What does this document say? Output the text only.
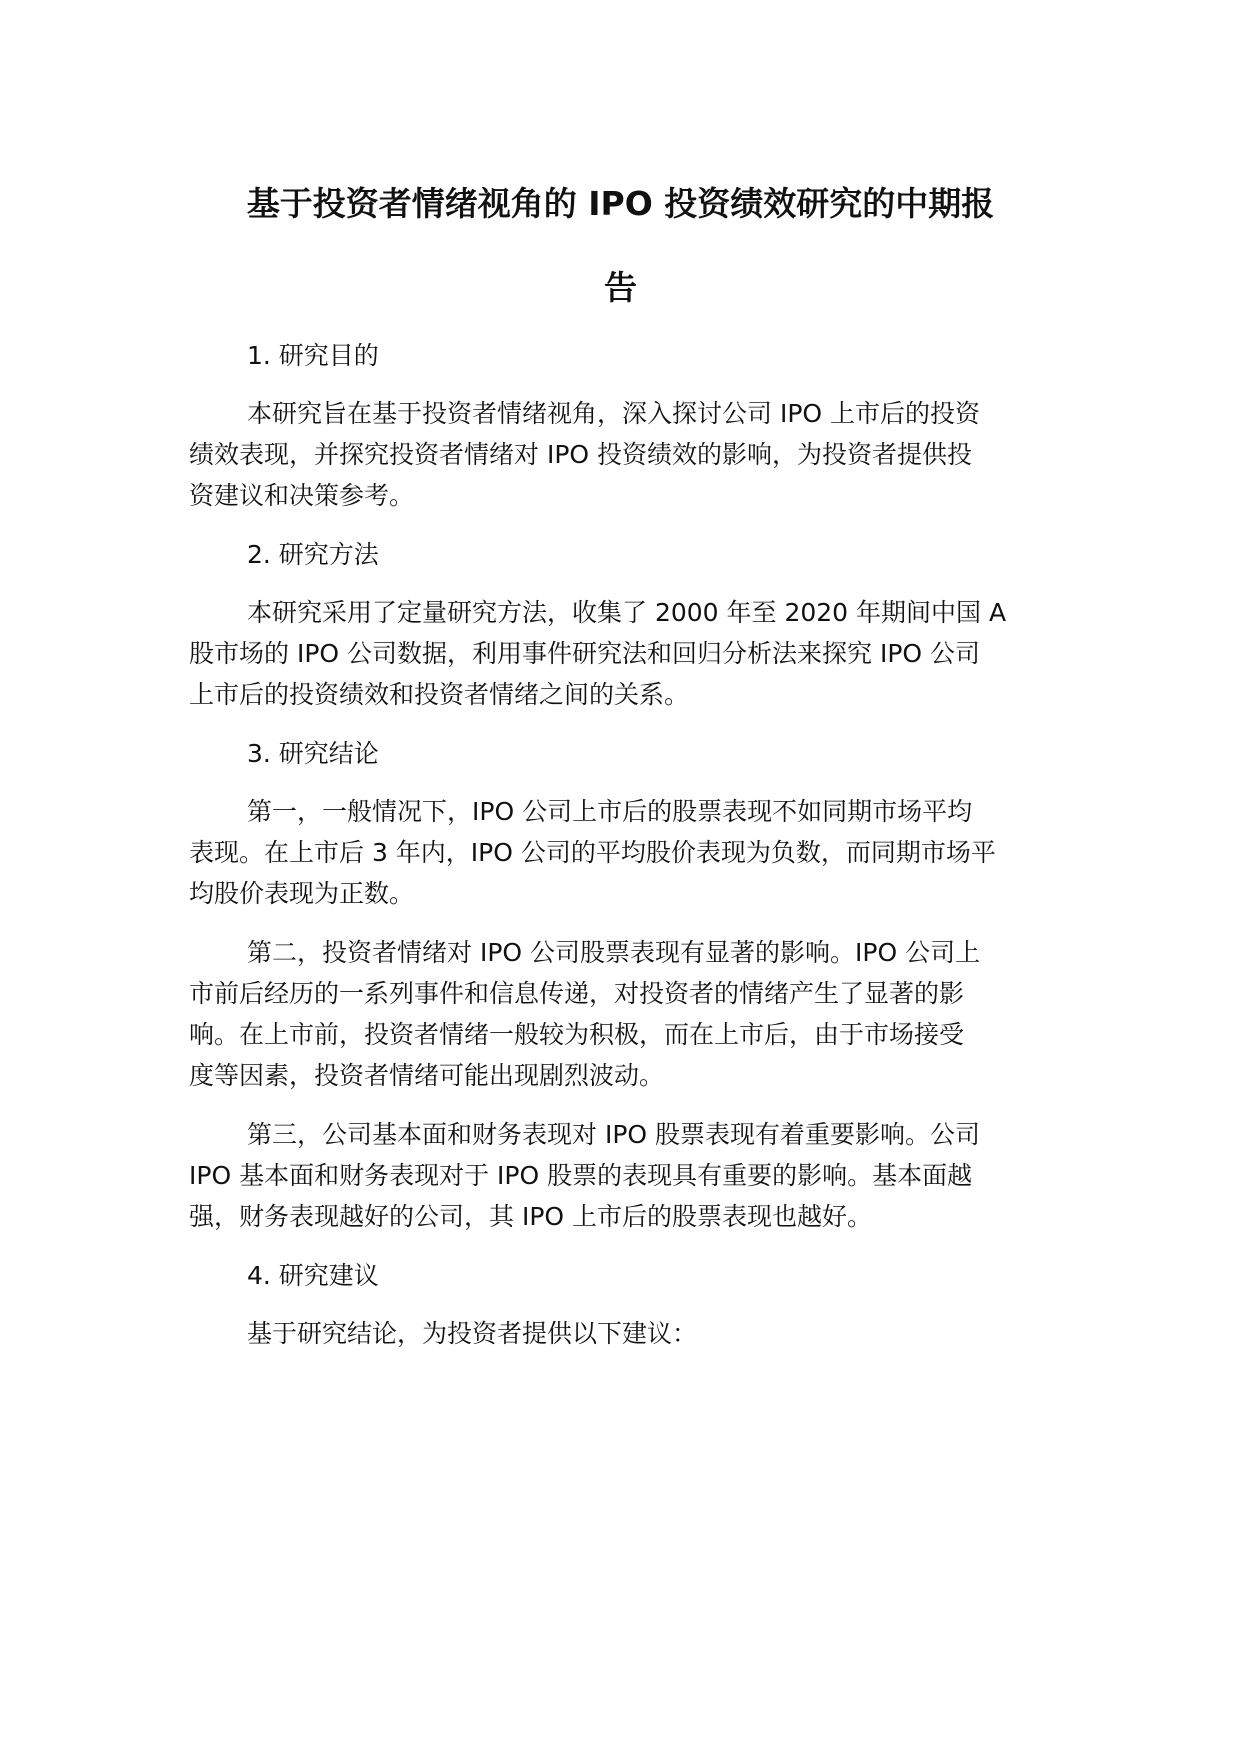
基于投资者情绪视角的 IPO 投资绩效研究的中期报
告

1. 研究目的

本研究旨在基于投资者情绪视角，深入探讨公司 IPO 上市后的投资

绩效表现，并探究投资者情绪对 IPO 投资绩效的影响，为投资者提供投

资建议和决策参考。

2. 研究方法

本研究采用了定量研究方法，收集了 2000 年至 2020 年期间中国 A

股市场的 IPO 公司数据，利用事件研究法和回归分析法来探究 IPO 公司

上市后的投资绩效和投资者情绪之间的关系。

3. 研究结论

第一，一般情况下，IPO 公司上市后的股票表现不如同期市场平均

表现。在上市后 3 年内，IPO 公司的平均股价表现为负数，而同期市场平

均股价表现为正数。

第二，投资者情绪对 IPO 公司股票表现有显著的影响。IPO 公司上

市前后经历的一系列事件和信息传递，对投资者的情绪产生了显著的影

响。在上市前，投资者情绪一般较为积极，而在上市后，由于市场接受

度等因素，投资者情绪可能出现剧烈波动。

第三，公司基本面和财务表现对 IPO 股票表现有着重要影响。公司

IPO 基本面和财务表现对于 IPO 股票的表现具有重要的影响。基本面越

强，财务表现越好的公司，其 IPO 上市后的股票表现也越好。

4. 研究建议

基于研究结论，为投资者提供以下建议：
